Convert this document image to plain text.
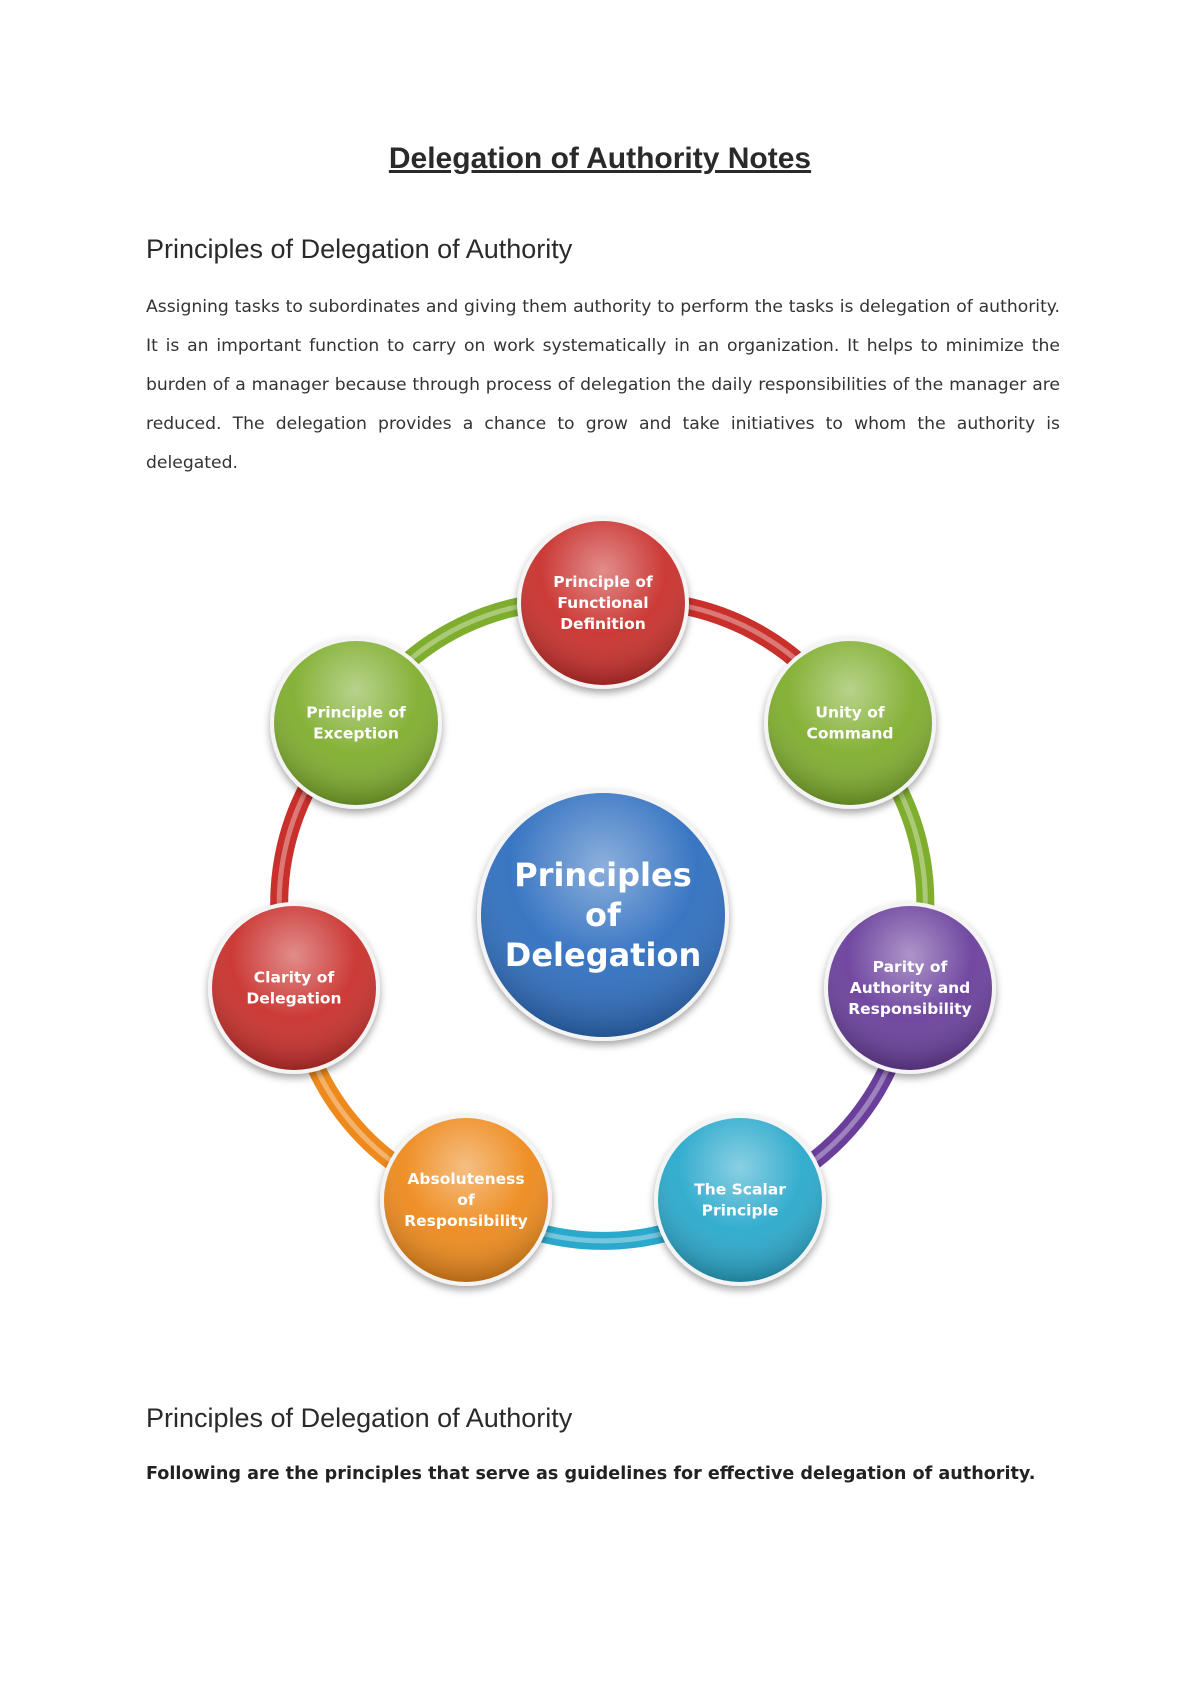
Delegation of Authority Notes
Principles of Delegation of Authority

Assigning tasks to subordinates and giving them authority to perform the tasks is delegation of authority. It is an important function to carry on work systematically in an organization. It helps to minimize the burden of a manager because through process of delegation the daily responsibilities of the manager are reduced. The delegation provides a chance to grow and take initiatives to whom the authority is delegated.

Principle of
Functional
Definition
Unity of
Command
Parity of
Authority and
Responsibility
The Scalar
Principle
Absoluteness
of
Responsibility
Clarity of
Delegation
Principle of
Exception
Principles
of
Delegation
Principles of Delegation of Authority

Following are the principles that serve as guidelines for effective delegation of authority.
